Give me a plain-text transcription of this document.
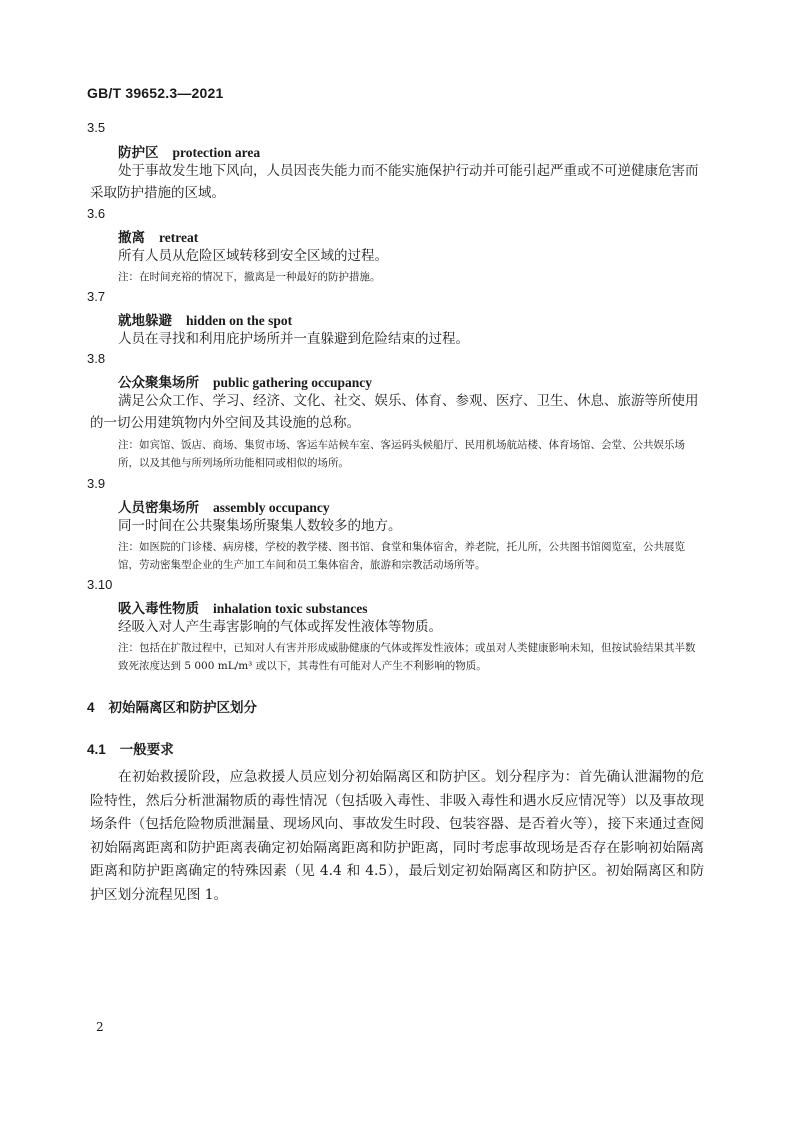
GB/T 39652.3—2021
3.5
防护区 protection area
处于事故发生地下风向，人员因丧失能力而不能实施保护行动并可能引起严重或不可逆健康危害而采取防护措施的区域。
3.6
撤离 retreat
所有人员从危险区域转移到安全区域的过程。
注：在时间充裕的情况下，撤离是一种最好的防护措施。
3.7
就地躲避 hidden on the spot
人员在寻找和利用庇护场所并一直躲避到危险结束的过程。
3.8
公众聚集场所 public gathering occupancy
满足公众工作、学习、经济、文化、社交、娱乐、体育、参观、医疗、卫生、休息、旅游等所使用的一切公用建筑物内外空间及其设施的总称。
注：如宾馆、饭店、商场、集贸市场、客运车站候车室、客运码头候船厅、民用机场航站楼、体育场馆、会堂、公共娱乐场所，以及其他与所列场所功能相同或相似的场所。
3.9
人员密集场所 assembly occupancy
同一时间在公共聚集场所聚集人数较多的地方。
注：如医院的门诊楼、病房楼，学校的教学楼、图书馆、食堂和集体宿舍，养老院，托儿所，公共图书馆阅览室，公共展览馆，劳动密集型企业的生产加工车间和员工集体宿舍，旅游和宗教活动场所等。
3.10
吸入毒性物质 inhalation toxic substances
经吸入对人产生毒害影响的气体或挥发性液体等物质。
注：包括在扩散过程中，已知对人有害并形成威胁健康的气体或挥发性液体；或虽对人类健康影响未知，但按试验结果其半数致死浓度达到 5 000 mL/m³ 或以下，其毒性有可能对人产生不利影响的物质。
4 初始隔离区和防护区划分
4.1 一般要求
在初始救援阶段，应急救援人员应划分初始隔离区和防护区。划分程序为：首先确认泄漏物的危险特性，然后分析泄漏物质的毒性情况（包括吸入毒性、非吸入毒性和遇水反应情况等）以及事故现场条件（包括危险物质泄漏量、现场风向、事故发生时段、包装容器、是否着火等），接下来通过查阅初始隔离距离和防护距离表确定初始隔离距离和防护距离，同时考虑事故现场是否存在影响初始隔离距离和防护距离确定的特殊因素（见 4.4 和 4.5），最后划定初始隔离区和防护区。初始隔离区和防护区划分流程见图 1。
2
